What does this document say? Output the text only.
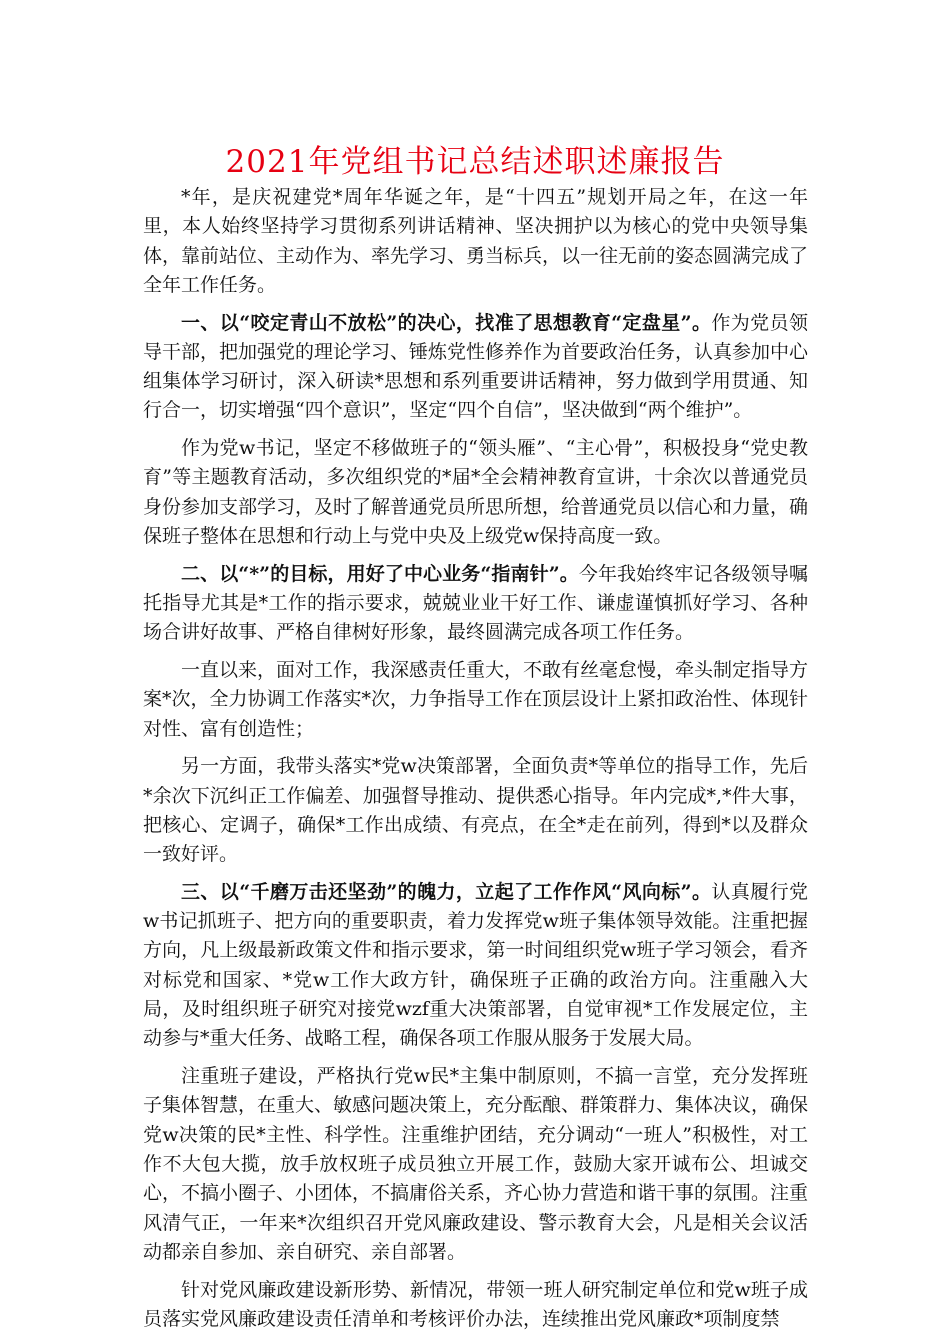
2021年党组书记总结述职述廉报告

*年，是庆祝建党*周年华诞之年，是“十四五”规划开局之年，在这一年里，本人始终坚持学习贯彻系列讲话精神、坚决拥护以为核心的党中央领导集体，靠前站位、主动作为、率先学习、勇当标兵，以一往无前的姿态圆满完成了全年工作任务。

一、以“咬定青山不放松”的决心，找准了思想教育“定盘星”。作为党员领导干部，把加强党的理论学习、锤炼党性修养作为首要政治任务，认真参加中心组集体学习研讨，深入研读*思想和系列重要讲话精神，努力做到学用贯通、知行合一，切实增强“四个意识”，坚定“四个自信”，坚决做到“两个维护”。

作为党w书记，坚定不移做班子的“领头雁”、“主心骨”，积极投身“党史教育”等主题教育活动，多次组织党的*届*全会精神教育宣讲，十余次以普通党员身份参加支部学习，及时了解普通党员所思所想，给普通党员以信心和力量，确保班子整体在思想和行动上与党中央及上级党w保持高度一致。

二、以“*”的目标，用好了中心业务“指南针”。今年我始终牢记各级领导嘱托指导尤其是*工作的指示要求，兢兢业业干好工作、谦虚谨慎抓好学习、各种场合讲好故事、严格自律树好形象，最终圆满完成各项工作任务。

一直以来，面对工作，我深感责任重大，不敢有丝毫怠慢，牵头制定指导方案*次，全力协调工作落实*次，力争指导工作在顶层设计上紧扣政治性、体现针对性、富有创造性；

另一方面，我带头落实*党w决策部署，全面负责*等单位的指导工作，先后*余次下沉纠正工作偏差、加强督导推动、提供悉心指导。年内完成*,*件大事，把核心、定调子，确保*工作出成绩、有亮点，在全*走在前列，得到*以及群众一致好评。

三、以“千磨万击还坚劲”的魄力，立起了工作作风“风向标”。认真履行党w书记抓班子、把方向的重要职责，着力发挥党w班子集体领导效能。注重把握方向，凡上级最新政策文件和指示要求，第一时间组织党w班子学习领会，看齐对标党和国家、*党w工作大政方针，确保班子正确的政治方向。注重融入大局，及时组织班子研究对接党wzf重大决策部署，自觉审视*工作发展定位，主动参与*重大任务、战略工程，确保各项工作服从服务于发展大局。

注重班子建设，严格执行党w民*主集中制原则，不搞一言堂，充分发挥班子集体智慧，在重大、敏感问题决策上，充分酝酿、群策群力、集体决议，确保党w决策的民*主性、科学性。注重维护团结，充分调动“一班人”积极性，对工作不大包大揽，放手放权班子成员独立开展工作，鼓励大家开诚布公、坦诚交心，不搞小圈子、小团体，不搞庸俗关系，齐心协力营造和谐干事的氛围。注重风清气正，一年来*次组织召开党风廉政建设、警示教育大会，凡是相关会议活动都亲自参加、亲自研究、亲自部署。

针对党风廉政建设新形势、新情况，带领一班人研究制定单位和党w班子成员落实党风廉政建设责任清单和考核评价办法，连续推出党风廉政*项制度禁
